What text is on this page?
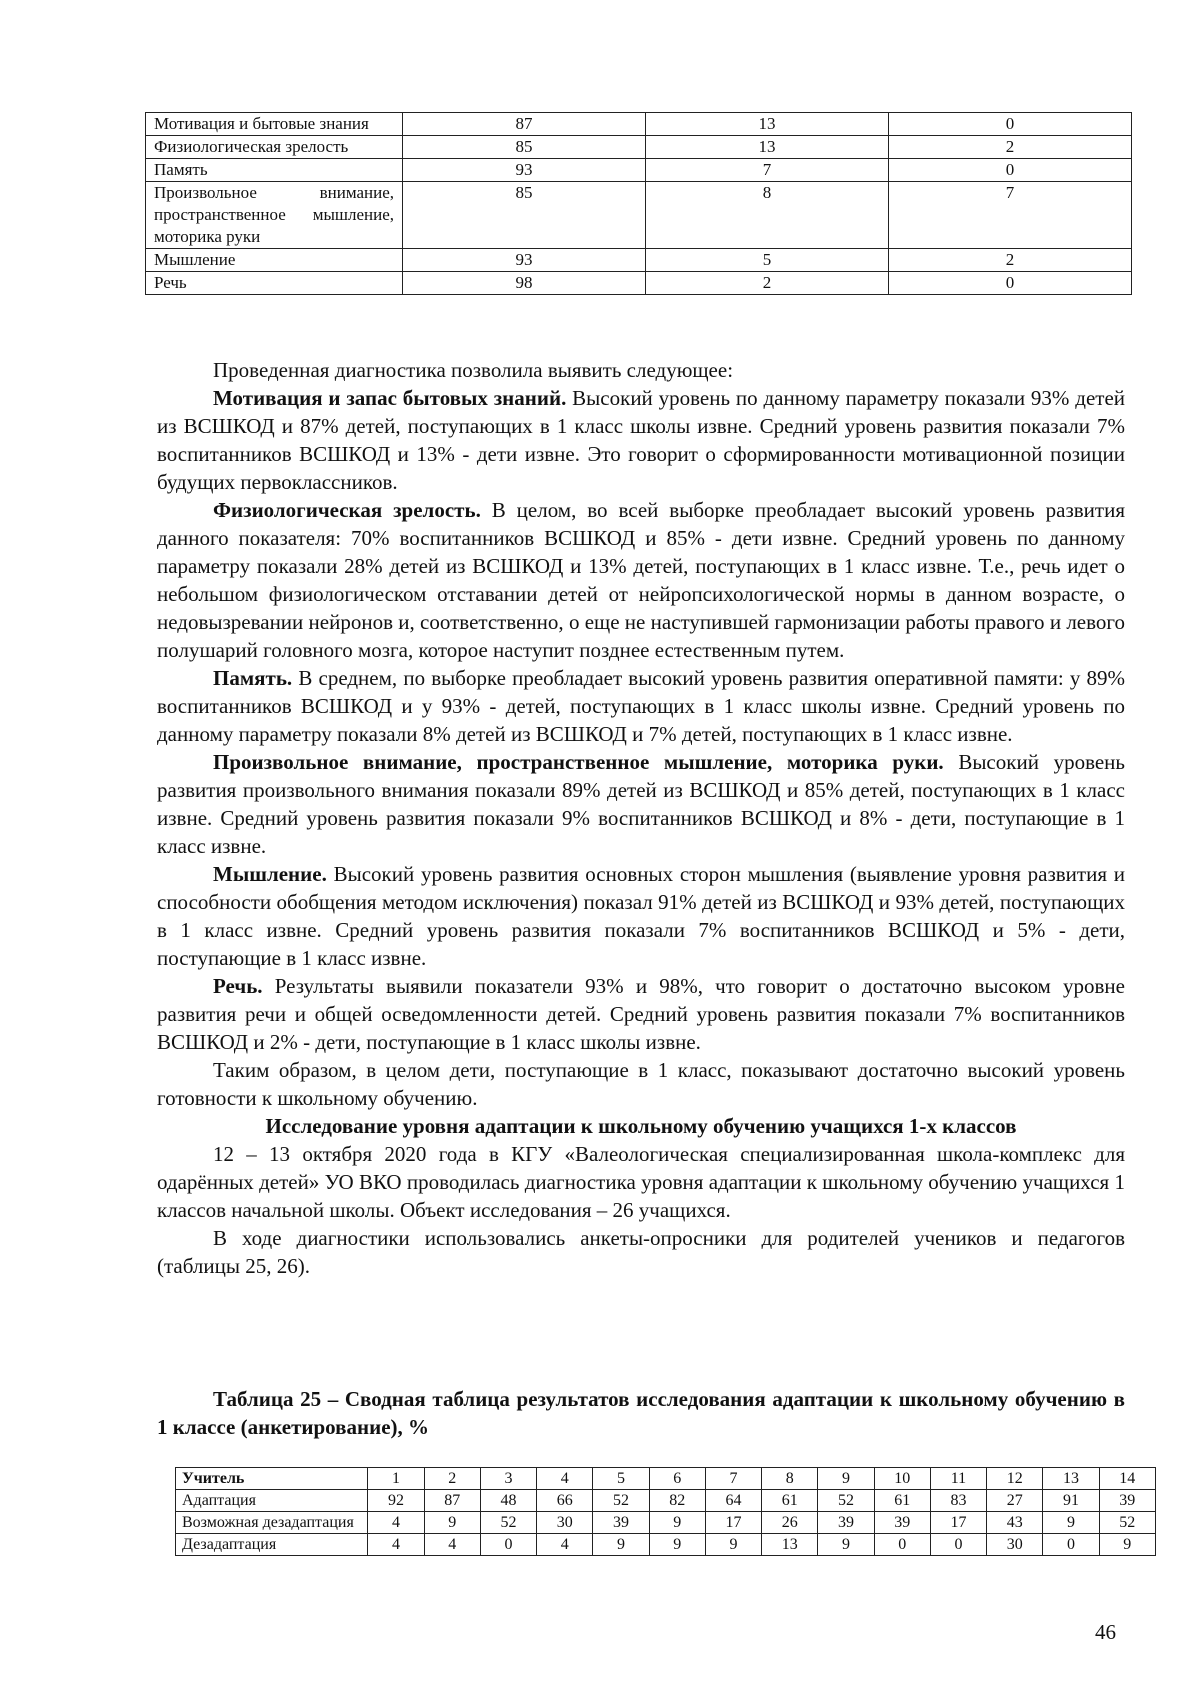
Мотивация и бытовые знания	87	13	0
Физиологическая зрелость	85	13	2
Память	93	7	0
Произвольное внимание, пространственное мышление, моторика руки	85	8	7
Мышление	93	5	2
Речь	98	2	0

Проведенная диагностика позволила выявить следующее:

Мотивация и запас бытовых знаний. Высокий уровень по данному параметру показали 93% детей из ВСШКОД и 87% детей, поступающих в 1 класс школы извне. Средний уровень развития показали 7% воспитанников ВСШКОД и 13% - дети извне. Это говорит о сформированности мотивационной позиции будущих первоклассников.

Физиологическая зрелость. В целом, во всей выборке преобладает высокий уровень развития данного показателя: 70% воспитанников ВСШКОД и 85% - дети извне. Средний уровень по данному параметру показали 28% детей из ВСШКОД и 13% детей, поступающих в 1 класс извне. Т.е., речь идет о небольшом физиологическом отставании детей от нейропсихологической нормы в данном возрасте, о недовызревании нейронов и, соответственно, о еще не наступившей гармонизации работы правого и левого полушарий головного мозга, которое наступит позднее естественным путем.

Память. В среднем, по выборке преобладает высокий уровень развития оперативной памяти: у 89% воспитанников ВСШКОД и у 93% - детей, поступающих в 1 класс школы извне. Средний уровень по данному параметру показали 8% детей из ВСШКОД и 7% детей, поступающих в 1 класс извне.

Произвольное внимание, пространственное мышление, моторика руки. Высокий уровень развития произвольного внимания показали 89% детей из ВСШКОД и 85% детей, поступающих в 1 класс извне. Средний уровень развития показали 9% воспитанников ВСШКОД и 8% - дети, поступающие в 1 класс извне.

Мышление. Высокий уровень развития основных сторон мышления (выявление уровня развития и способности обобщения методом исключения) показал 91% детей из ВСШКОД и 93% детей, поступающих в 1 класс извне. Средний уровень развития показали 7% воспитанников ВСШКОД и 5% - дети, поступающие в 1 класс извне.

Речь. Результаты выявили показатели 93% и 98%, что говорит о достаточно высоком уровне развития речи и общей осведомленности детей. Средний уровень развития показали 7% воспитанников ВСШКОД и 2% - дети, поступающие в 1 класс школы извне.

Таким образом, в целом дети, поступающие в 1 класс, показывают достаточно высокий уровень готовности к школьному обучению.

Исследование уровня адаптации к школьному обучению учащихся 1-х классов

12 – 13 октября 2020 года в КГУ «Валеологическая специализированная школа-комплекс для одарённых детей» УО ВКО проводилась диагностика уровня адаптации к школьному обучению учащихся 1 классов начальной школы. Объект исследования – 26 учащихся.

В ходе диагностики использовались анкеты-опросники для родителей учеников и педагогов (таблицы 25, 26).

Таблица 25 – Сводная таблица результатов исследования адаптации к школьному обучению в 1 классе (анкетирование), %
Учитель	1	2	3	4	5	6	7	8	9	10	11	12	13	14
Адаптация	92	87	48	66	52	82	64	61	52	61	83	27	91	39
Возможная дезадаптация	4	9	52	30	39	9	17	26	39	39	17	43	9	52
Дезадаптация	4	4	0	4	9	9	9	13	9	0	0	30	0	9
46
